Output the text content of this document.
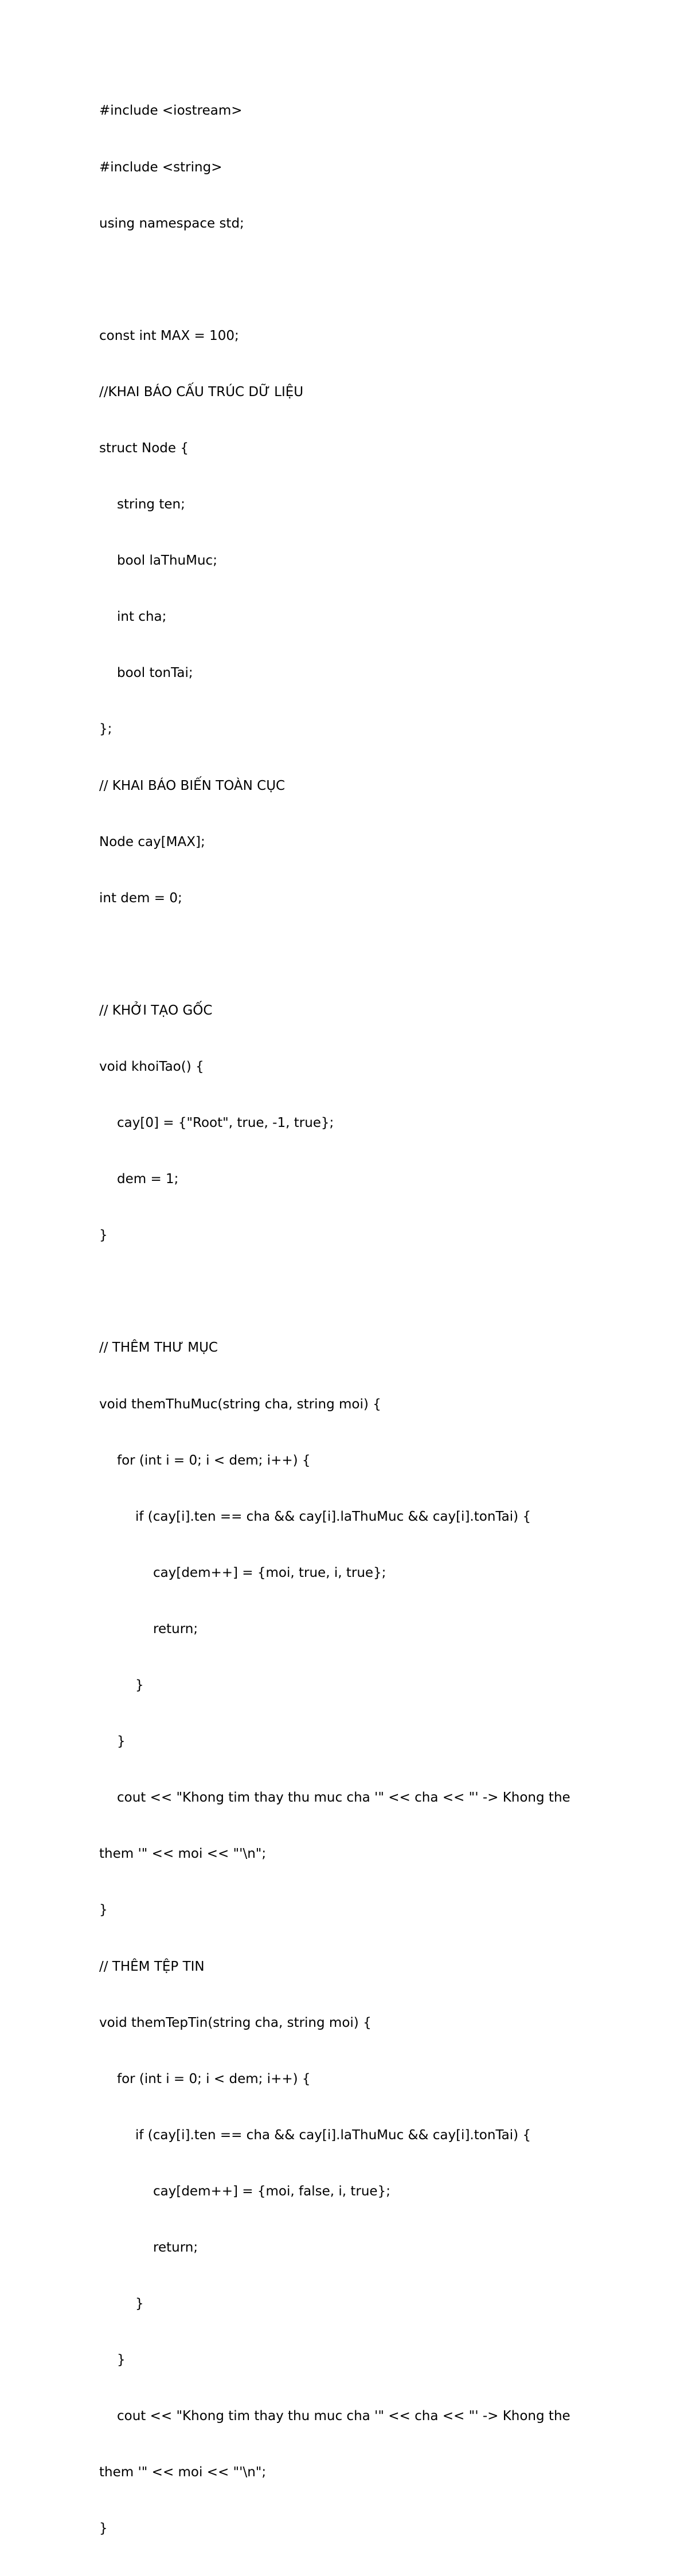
#include <iostream>

#include <string>

using namespace std;

const int MAX = 100;

//KHAI BÁO CẤU TRÚC DỮ LIỆU

struct Node {

string ten;

bool laThuMuc;

int cha;

bool tonTai;

};

// KHAI BÁO BIẾN TOÀN CỤC

Node cay[MAX];

int dem = 0;

// KHỞI TẠO GỐC

void khoiTao() {

cay[0] = {"Root", true, -1, true};

dem = 1;

}

// THÊM THƯ MỤC

void themThuMuc(string cha, string moi) {

for (int i = 0; i < dem; i++) {

if (cay[i].ten == cha && cay[i].laThuMuc && cay[i].tonTai) {

cay[dem++] = {moi, true, i, true};

return;

}

}

cout << "Khong tim thay thu muc cha '" << cha << "' -> Khong the

them '" << moi << "'\n";

}

// THÊM TỆP TIN

void themTepTin(string cha, string moi) {

for (int i = 0; i < dem; i++) {

if (cay[i].ten == cha && cay[i].laThuMuc && cay[i].tonTai) {

cay[dem++] = {moi, false, i, true};

return;

}

}

cout << "Khong tim thay thu muc cha '" << cha << "' -> Khong the

them '" << moi << "'\n";

}
